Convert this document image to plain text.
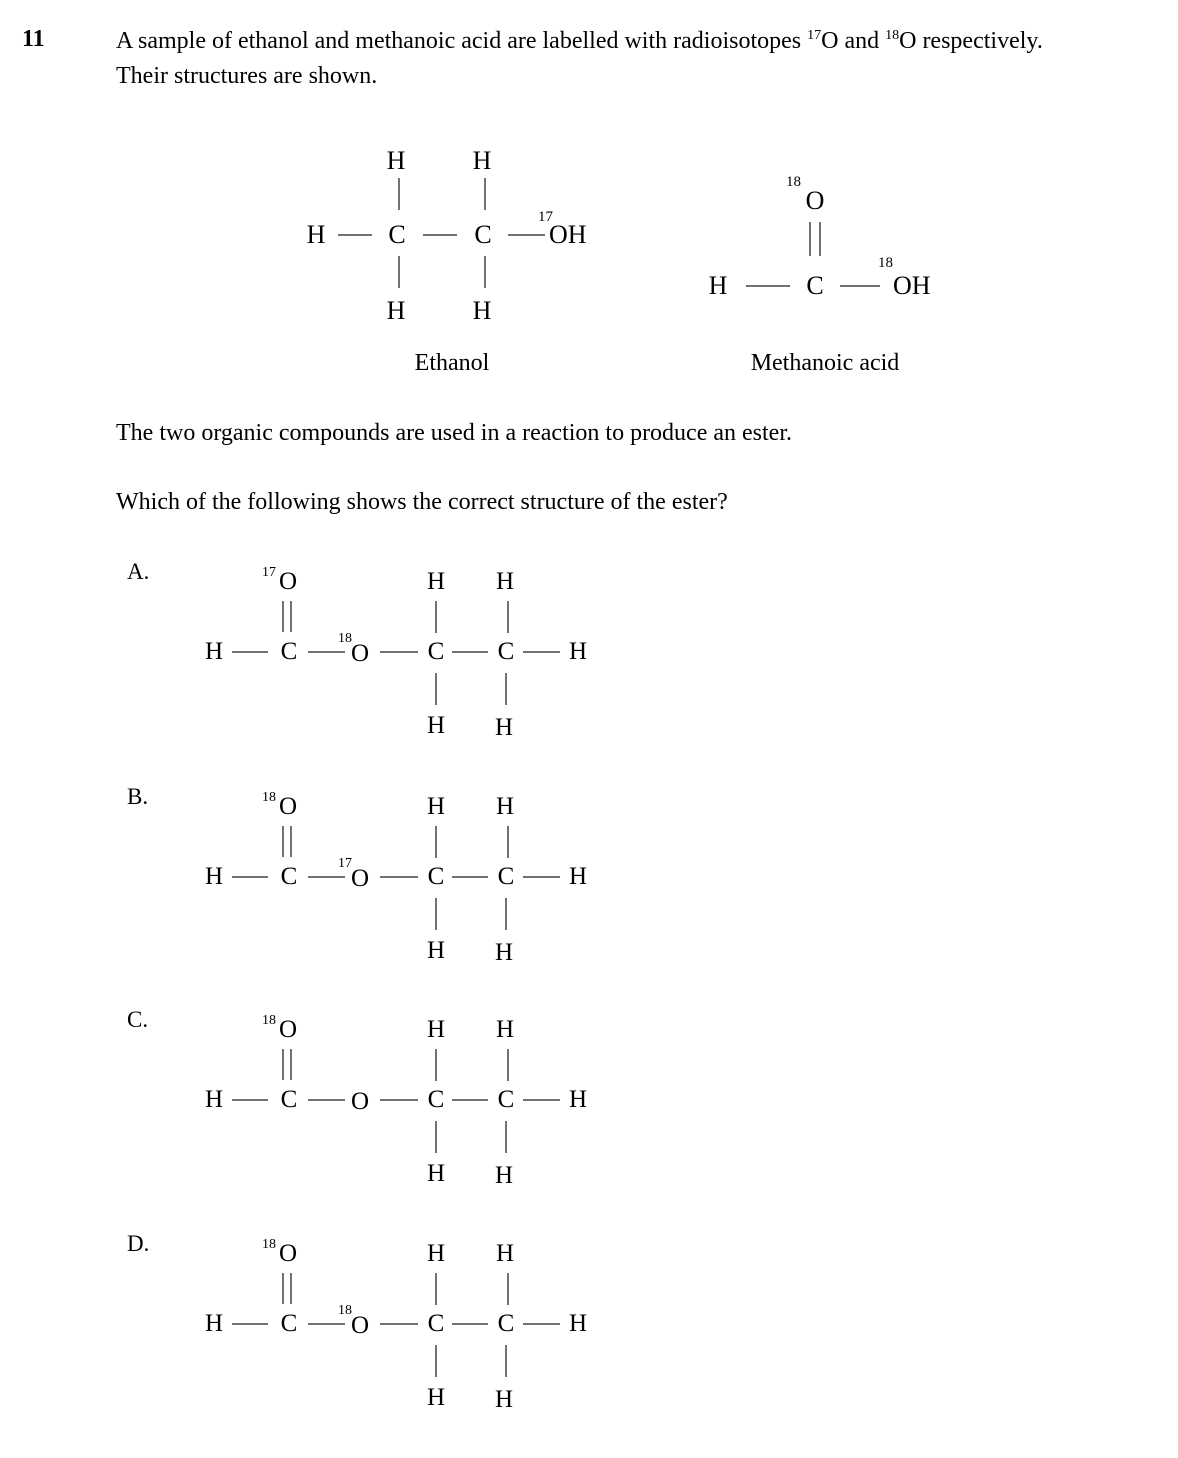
11	A sample of ethanol and methanoic acid are labelled with radioisotopes $^{17}$O and $^{18}$O respectively.
Their structures are shown.
H	H
H C	C
17
OH
H	H
Ethanol
18
O
H	C
18
OH
Methanoic acid
The two organic compounds are used in a reaction to produce an ester.
Which of the following shows the correct structure of the ester?
A.	17 O	H H
H C	18
O C C H
H H
B.	18 O	H H
H C	17
O C C H
H H
C.	18 O	H H
H C O C C H
H H
D.	18 O	H H
H C	18
O C C H
H H
